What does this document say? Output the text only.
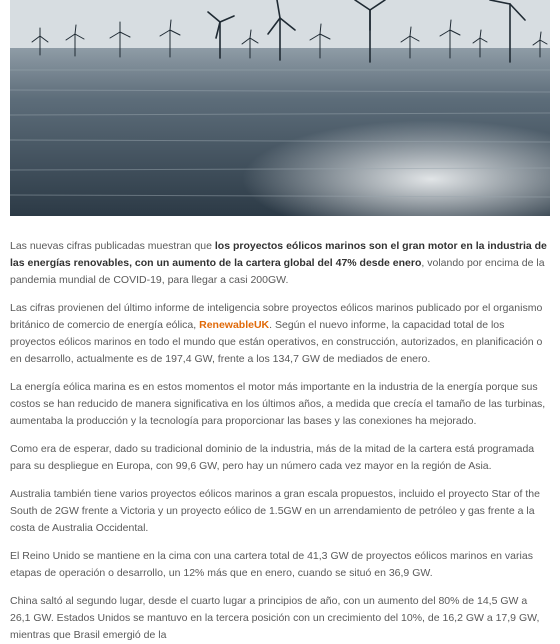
Las nuevas cifras publicadas muestran que los proyectos eólicos marinos son el gran motor en la industria de las energías renovables, con un aumento de la cartera global del 47% desde enero, volando por encima de la pandemia mundial de COVID-19, para llegar a casi 200GW.

Las cifras provienen del último informe de inteligencia sobre proyectos eólicos marinos publicado por el organismo británico de comercio de energía eólica, RenewableUK. Según el nuevo informe, la capacidad total de los proyectos eólicos marinos en todo el mundo que están operativos, en construcción, autorizados, en planificación o en desarrollo, actualmente es de 197,4 GW, frente a los 134,7 GW de mediados de enero.

La energía eólica marina es en estos momentos el motor más importante en la industria de la energía porque sus costos se han reducido de manera significativa en los últimos años, a medida que crecía el tamaño de las turbinas, aumentaba la producción y la tecnología para proporcionar las bases y las conexiones ha mejorado.

Como era de esperar, dado su tradicional dominio de la industria, más de la mitad de la cartera está programada para su despliegue en Europa, con 99,6 GW, pero hay un número cada vez mayor en la región de Asia.

Australia también tiene varios proyectos eólicos marinos a gran escala propuestos, incluido el proyecto Star of the South de 2GW frente a Victoria y un proyecto eólico de 1.5GW en un arrendamiento de petróleo y gas frente a la costa de Australia Occidental.

El Reino Unido se mantiene en la cima con una cartera total de 41,3 GW de proyectos eólicos marinos en varias etapas de operación o desarrollo, un 12% más que en enero, cuando se situó en 36,9 GW.

China saltó al segundo lugar, desde el cuarto lugar a principios de año, con un aumento del 80% de 14,5 GW a 26,1 GW. Estados Unidos se mantuvo en la tercera posición con un crecimiento del 10%, de 16,2 GW a 17,9 GW, mientras que Brasil emergió de la
